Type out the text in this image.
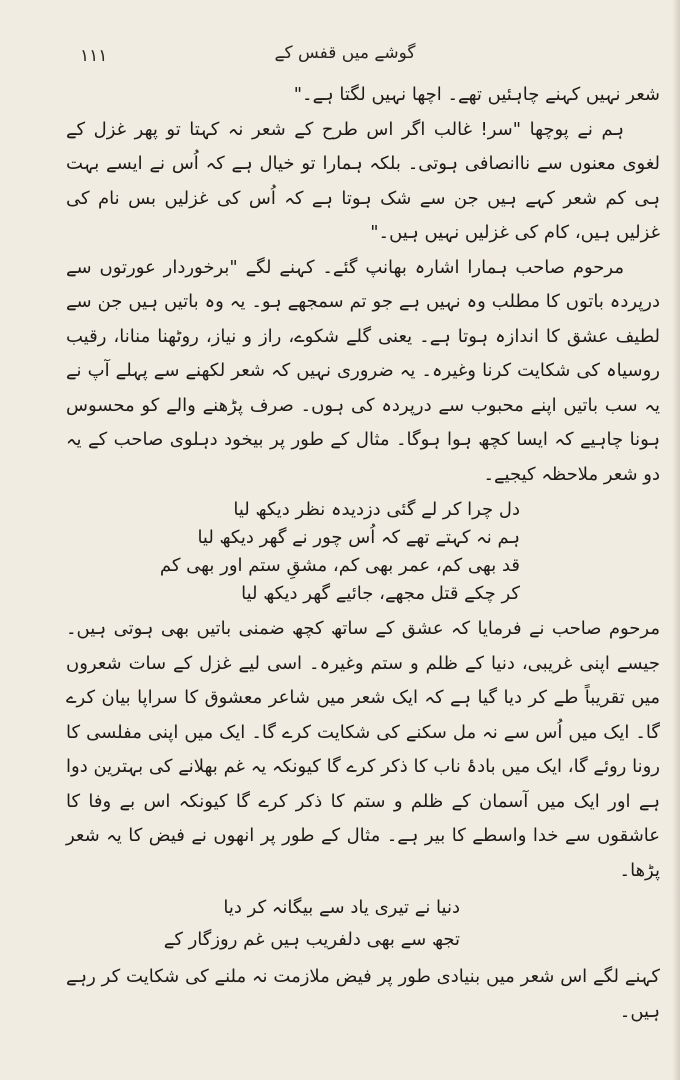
۱۱۱	گوشے میں قفس کے

شعر نہیں کہنے چاہئیں تھے۔ اچھا نہیں لگتا ہے۔"

ہم نے پوچھا "سر! غالب اگر اس طرح کے شعر نہ کہتا تو پھر غزل کے لغوی معنوں سے ناانصافی ہوتی۔ بلکہ ہمارا تو خیال ہے کہ اُس نے ایسے بہت ہی کم شعر کہے ہیں جن سے شک ہوتا ہے کہ اُس کی غزلیں بس نام کی غزلیں ہیں، کام کی غزلیں نہیں ہیں۔"

مرحوم صاحب ہمارا اشارہ بھانپ گئے۔ کہنے لگے "برخوردار عورتوں سے درپردہ باتوں کا مطلب وہ نہیں ہے جو تم سمجھے ہو۔ یہ وہ باتیں ہیں جن سے لطیف عشق کا اندازہ ہوتا ہے۔ یعنی گلے شکوے، راز و نیاز، روٹھنا منانا، رقیب روسیاہ کی شکایت کرنا وغیرہ۔ یہ ضروری نہیں کہ شعر لکھنے سے پہلے آپ نے یہ سب باتیں اپنے محبوب سے درپردہ کی ہوں۔ صرف پڑھنے والے کو محسوس ہونا چاہیے کہ ایسا کچھ ہوا ہوگا۔ مثال کے طور پر بیخود دہلوی صاحب کے یہ دو شعر ملاحظہ کیجیے۔

دل چرا کر لے گئی دزدیدہ نظر دیکھ لیا
ہم نہ کہتے تھے کہ اُس چور نے گھر دیکھ لیا
قد بھی کم، عمر بھی کم، مشقِ ستم اور بھی کم
کر چکے قتل مجھے، جائیے گھر دیکھ لیا

مرحوم صاحب نے فرمایا کہ عشق کے ساتھ کچھ ضمنی باتیں بھی ہوتی ہیں۔ جیسے اپنی غریبی، دنیا کے ظلم و ستم وغیرہ۔ اسی لیے غزل کے سات شعروں میں تقریباً طے کر دیا گیا ہے کہ ایک شعر میں شاعر معشوق کا سراپا بیان کرے گا۔ ایک میں اُس سے نہ مل سکنے کی شکایت کرے گا۔ ایک میں اپنی مفلسی کا رونا روئے گا، ایک میں بادۂ ناب کا ذکر کرے گا کیونکہ یہ غم بھلانے کی بہترین دوا ہے اور ایک میں آسمان کے ظلم و ستم کا ذکر کرے گا کیونکہ اس بے وفا کا عاشقوں سے خدا واسطے کا بیر ہے۔ مثال کے طور پر انھوں نے فیض کا یہ شعر پڑھا۔

دنیا نے تیری یاد سے بیگانہ کر دیا
تجھ سے بھی دلفریب ہیں غم روزگار کے

کہنے لگے اس شعر میں بنیادی طور پر فیض ملازمت نہ ملنے کی شکایت کر رہے ہیں۔
